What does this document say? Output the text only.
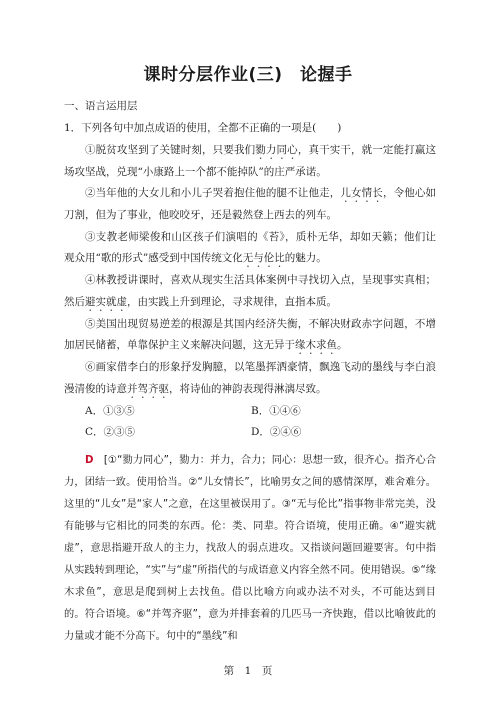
课时分层作业(三)　论握手
一、语言运用层

1．下列各句中加点成语的使用，全都不正确的一项是(　　)

①脱贫攻坚到了关键时刻，只要我们勠力同心，真干实干，就一定能打赢这场攻坚战，兑现“小康路上一个都不能掉队”的庄严承诺。

②当年他的大女儿和小儿子哭着抱住他的腿不让他走，儿女情长，令他心如刀割，但为了事业，他咬咬牙，还是毅然登上西去的列车。

③支教老师梁俊和山区孩子们演唱的《苔》，质朴无华，却如天籁；他们让观众用“歌的形式”感受到中国传统文化无与伦比的魅力。

④林教授讲课时，喜欢从现实生活具体案例中寻找切入点，呈现事实真相；然后避实就虚，由实践上升到理论，寻求规律，直指本质。

⑤美国出现贸易逆差的根源是其国内经济失衡，不解决财政赤字问题，不增加居民储蓄，单靠保护主义来解决问题，这无异于缘木求鱼。

⑥画家借李白的形象抒发胸臆，以笔墨挥洒豪情，飘逸飞动的墨线与李白浪漫清俊的诗意并驾齐驱，将诗仙的神韵表现得淋漓尽致。

A．①③⑤	B．①④⑥
C．②③⑤	D．②④⑥

D　 [①“勠力同心”，勠力：并力，合力；同心：思想一致，很齐心。指齐心合力，团结一致。使用恰当。②“儿女情长”，比喻男女之间的感情深厚，难舍难分。这里的“儿女”是“家人”之意，在这里被误用了。③“无与伦比”指事物非常完美，没有能够与它相比的同类的东西。伦：类、同辈。符合语境，使用正确。④“避实就虚”，意思指避开敌人的主力，找敌人的弱点进攻。又指谈问题回避要害。句中指从实践转到理论，“实”与“虚”所指代的与成语意义内容全然不同。使用错误。⑤“缘木求鱼”，意思是爬到树上去找鱼。借以比喻方向或办法不对头，不可能达到目的。符合语境。⑥“并驾齐驱”，意为并排套着的几匹马一齐快跑，借以比喻彼此的力量或才能不分高下。句中的“墨线”和

第　1　页
